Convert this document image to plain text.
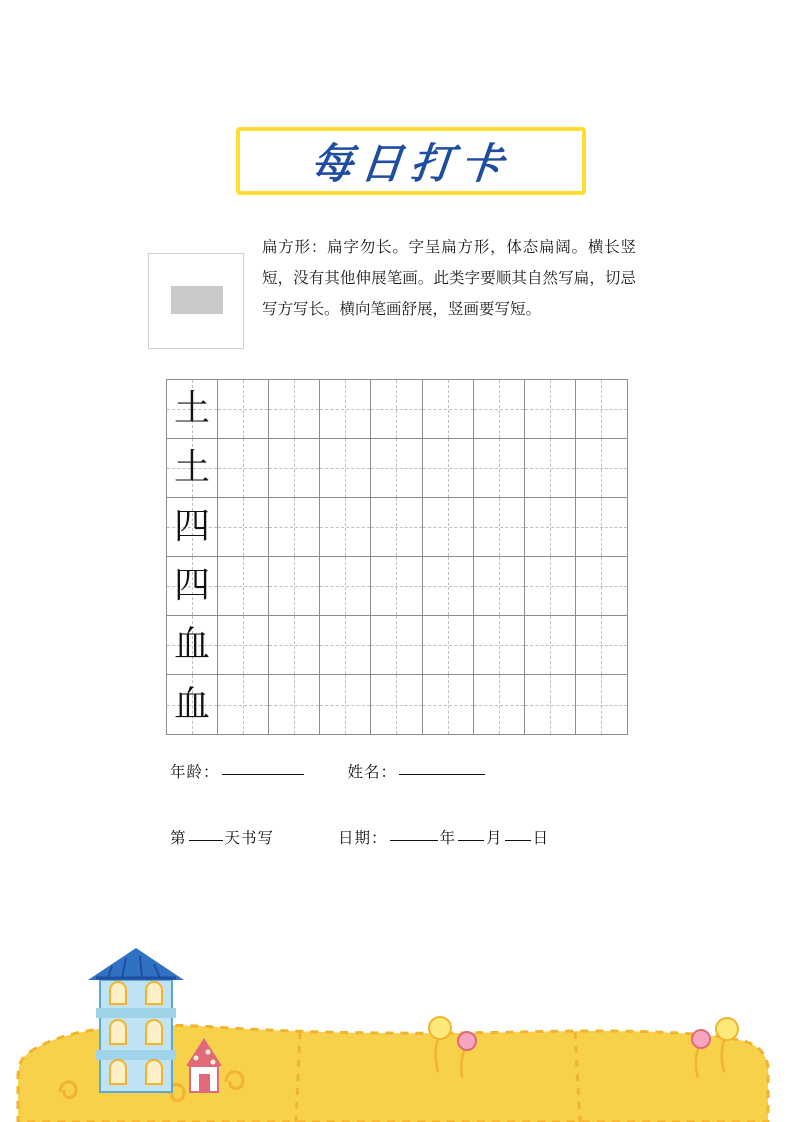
每日打卡
扁方形：扁字勿长。字呈扁方形，体态扁阔。横长竖短，没有其他伸展笔画。此类字要顺其自然写扁，切忌写方写长。横向笔画舒展，竖画要写短。
土
土
四
四
血
血
年龄：	姓名：
第 天书写	日期：	年 月 日
